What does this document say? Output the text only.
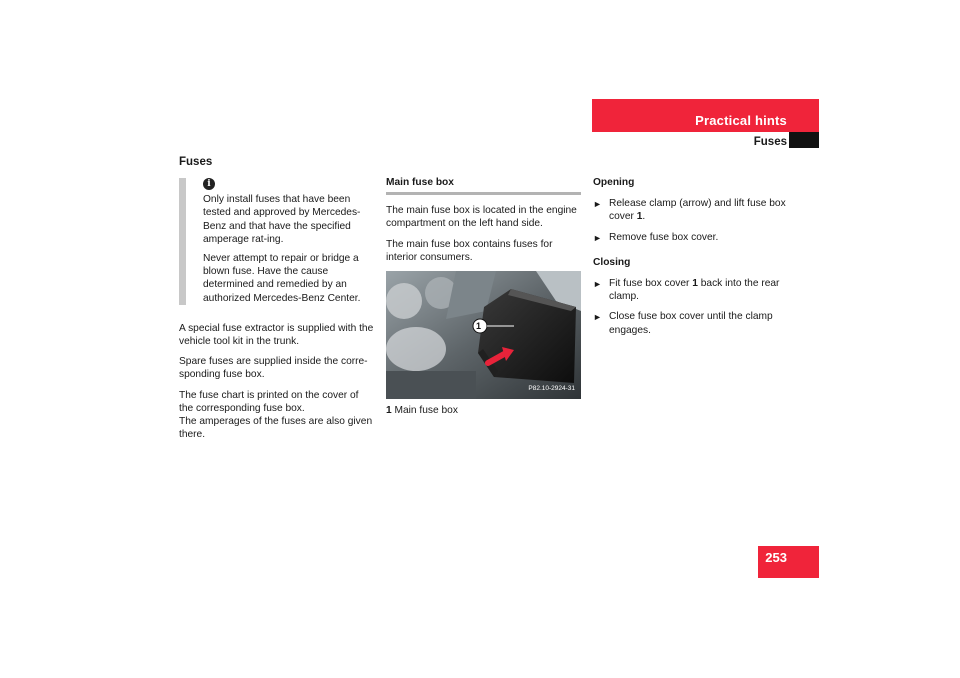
Practical hints
Fuses
Fuses
i

Only install fuses that have been tested and approved by Mercedes-Benz and that have the specified amperage rat-ing.

Never attempt to repair or bridge a blown fuse. Have the cause determined and remedied by an authorized Mercedes-Benz Center.

A special fuse extractor is supplied with the vehicle tool kit in the trunk.

Spare fuses are supplied inside the corre-sponding fuse box.

The fuse chart is printed on the cover of the corresponding fuse box.

The amperages of the fuses are also given there.

Main fuse box

The main fuse box is located in the engine compartment on the left hand side.

The main fuse box contains fuses for interior consumers.

1
P82.10-2924-31

1 Main fuse box

Opening
► Release clamp (arrow) and lift fuse box cover 1.
► Remove fuse box cover.
Closing
► Fit fuse box cover 1 back into the rear clamp.
► Close fuse box cover until the clamp engages.
253
